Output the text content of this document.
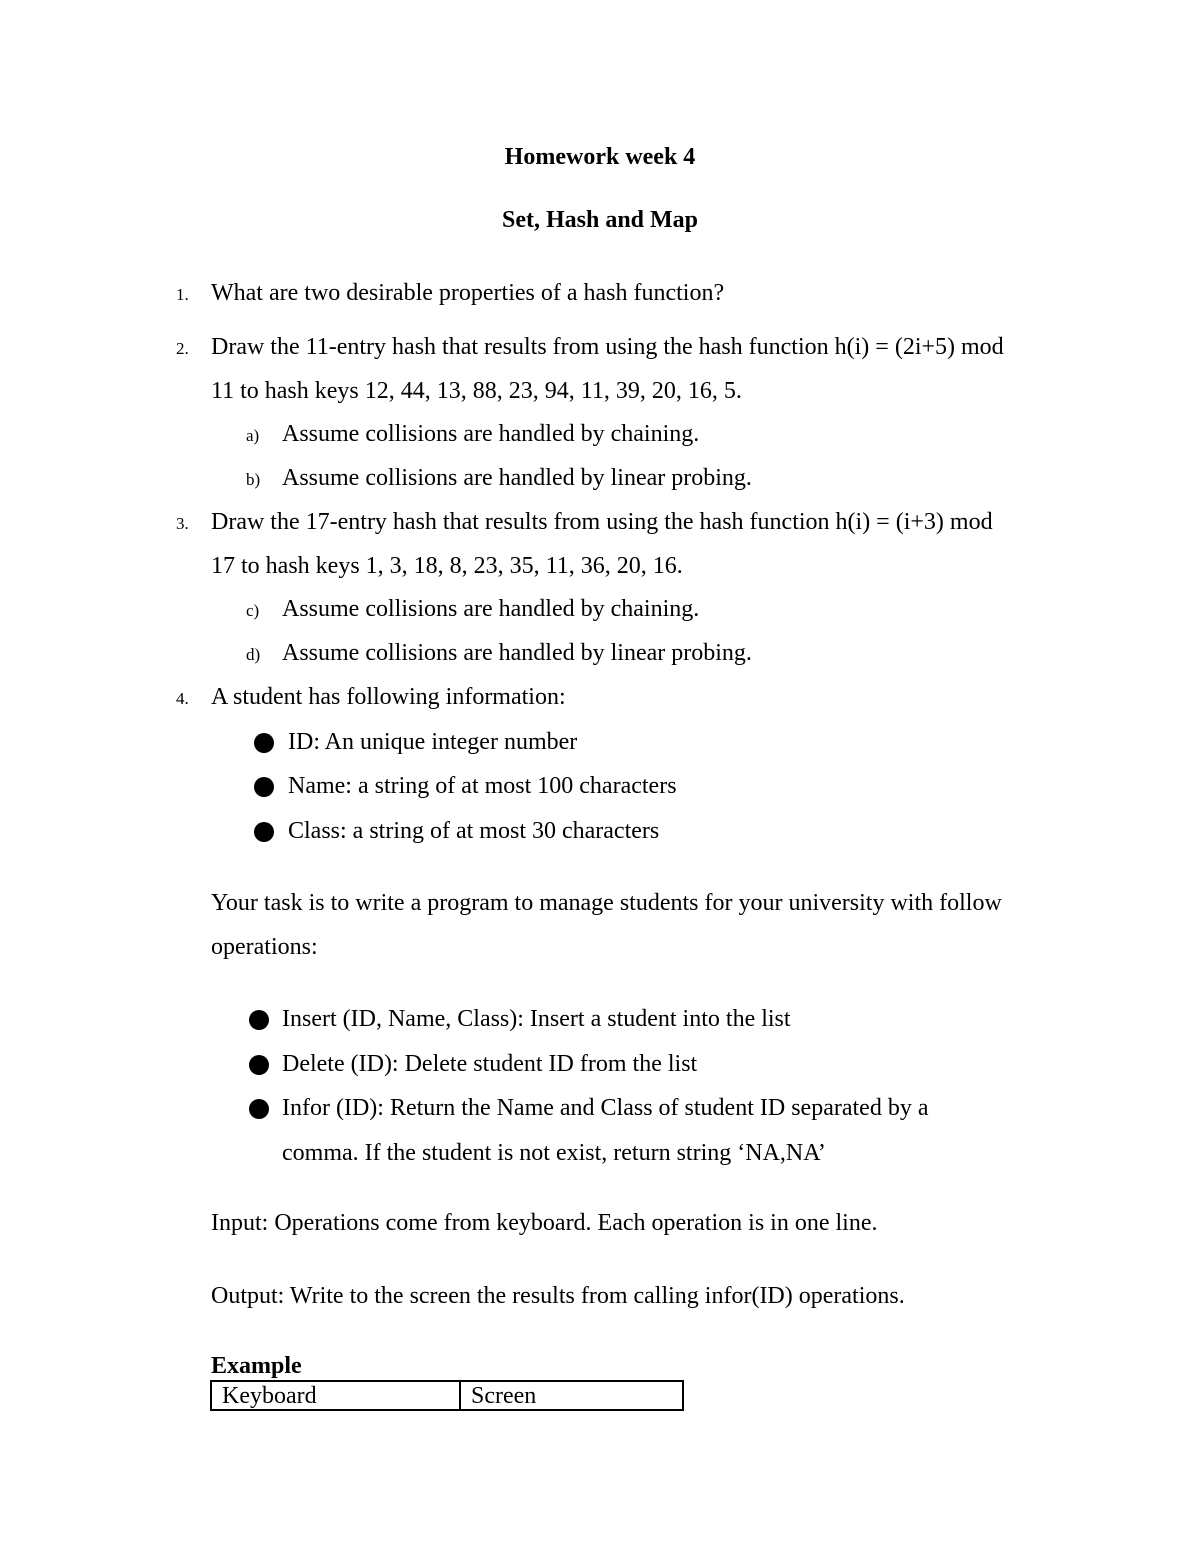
Homework week 4
Set, Hash and Map
1. What are two desirable properties of a hash function?
2. Draw the 11-entry hash that results from using the hash function h(i) = (2i+5) mod
11 to hash keys 12, 44, 13, 88, 23, 94, 11, 39, 20, 16, 5.
a) Assume collisions are handled by chaining.
b) Assume collisions are handled by linear probing.
3. Draw the 17-entry hash that results from using the hash function h(i) = (i+3) mod
17 to hash keys 1, 3, 18, 8, 23, 35, 11, 36, 20, 16.
c) Assume collisions are handled by chaining.
d) Assume collisions are handled by linear probing.
4. A student has following information:
ID: An unique integer number
Name: a string of at most 100 characters
Class: a string of at most 30 characters
Your task is to write a program to manage students for your university with follow
operations:
Insert (ID, Name, Class): Insert a student into the list
Delete (ID): Delete student ID from the list
Infor (ID): Return the Name and Class of student ID separated by a
comma. If the student is not exist, return string ‘NA,NA’
Input: Operations come from keyboard. Each operation is in one line.
Output: Write to the screen the results from calling infor(ID) operations.
Example
Keyboard	Screen
